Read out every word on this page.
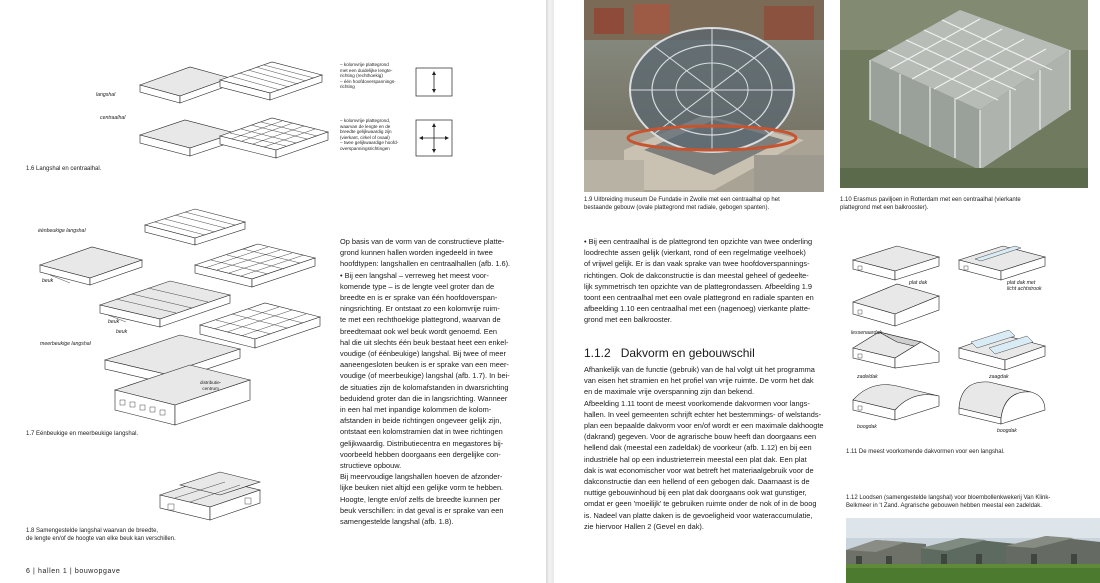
langshal
centraalhal
– kolomvrije plattegrond
met een duidelijke lengte-
richting (rechthoekig)
– één hoofdoverspannings-
richting
– kolomvrije plattegrond,
waarvan de lengte en de
breedte gelijkwaardig zijn
(vierkant, cirkel of ovaal)
– twee gelijkwaardige hoofd-
overspanningsrichtingen
1.6 Langshal en centraalhal.
éénbeukige langshal
beuk
beuk
beuk
meerbeukige langshal
distributie-
centrum
1.7 Eénbeukige en meerbeukige langshal.
1.8 Samengestelde langshal waarvan de breedte,
de lengte en/of de hoogte van elke beuk kan verschillen.

Op basis van de vorm van de constructieve platte-

grond kunnen hallen worden ingedeeld in twee

hoofdtypen: langshallen en centraalhallen (afb. 1.6).

• Bij een langshal – verreweg het meest voor-

komende type – is de lengte veel groter dan de

breedte en is er sprake van één hoofdoverspan-

ningsrichting. Er ontstaat zo een kolomvrije ruim-

te met een rechthoekige plattegrond, waarvan de

breedtemaat ook wel beuk wordt genoemd. Een

hal die uit slechts één beuk bestaat heet een enkel-

voudige (of éénbeukige) langshal. Bij twee of meer

aaneengesloten beuken is er sprake van een meer-

voudige (of meerbeukige) langshal (afb. 1.7). In bei-

de situaties zijn de kolomafstanden in dwarsrichting

beduidend groter dan die in langsrichting. Wanneer

in een hal met inpandige kolommen de kolom-

afstanden in beide richtingen ongeveer gelijk zijn,

ontstaat een kolomstramien dat in twee richtingen

gelijkwaardig. Distributiecentra en megastores bij-

voorbeeld hebben doorgaans een dergelijke con-

structieve opbouw.

Bij meervoudige langshallen hoeven de afzonder-

lijke beuken niet altijd een gelijke vorm te hebben.

Hoogte, lengte en/of zelfs de breedte kunnen per

beuk verschillen: in dat geval is er sprake van een

samengestelde langshal (afb. 1.8).

6 | hallen 1 | bouwopgave
1.9 Uitbreiding museum De Fundatie in Zwolle met een centraalhal op het
bestaande gebouw (ovale plattegrond met radiale, gebogen spanten).
1.10 Erasmus paviljoen in Rotterdam met een centraalhal (vierkante
plattegrond met een balkrooster).

• Bij een centraalhal is de plattegrond ten opzichte van twee onderling

loodrechte assen gelijk (vierkant, rond of een regelmatige veelhoek)

of vrijwel gelijk. Er is dan vaak sprake van twee hoofdoverspannings-

richtingen. Ook de dakconstructie is dan meestal geheel of gedeelte-

lijk symmetrisch ten opzichte van de plattegrondassen. Afbeelding 1.9

toont een centraalhal met een ovale plattegrond en radiale spanten en

afbeelding 1.10 een centraalhal met een (nagenoeg) vierkante platte-

grond met een balkrooster.

1.1.2 Dakvorm en gebouwschil

Afhankelijk van de functie (gebruik) van de hal volgt uit het programma

van eisen het stramien en het profiel van vrije ruimte. De vorm het dak

en de maximale vrije overspanning zijn dan bekend.

Afbeelding 1.11 toont de meest voorkomende dakvormen voor langs-

hallen. In veel gemeenten schrijft echter het bestemmings- of welstands-

plan een bepaalde dakvorm voor en/of wordt er een maximale dakhoogte

(dakrand) gegeven. Voor de agrarische bouw heeft dan doorgaans een

hellend dak (meestal een zadeldak) de voorkeur (afb. 1.12) en bij een

industriële hal op een industrieterrein meestal een plat dak. Een plat

dak is wat economischer voor wat betreft het materiaalgebruik voor de

dakconstructie dan een hellend of een gebogen dak. Daarnaast is de

nuttige gebouwinhoud bij een plat dak doorgaans ook wat gunstiger,

omdat er geen 'moeilijk' te gebruiken ruimte onder de nok of in de boog

is. Nadeel van platte daken is de gevoeligheid voor wateraccumulatie,

zie hiervoor Hallen 2 (Gevel en dak).

plat dak	plat dak met
licht achtstrook
lessenaardak
zadeldak	zaagdak
boogdak
boogdak
1.11 De meest voorkomende dakvormen voor een langshal.
1.12 Loodsen (samengestelde langshal) voor bloembollenkwekerij Van Klink-
Belkmeer in 't Zand. Agrarische gebouwen hebben meestal een zadeldak.
